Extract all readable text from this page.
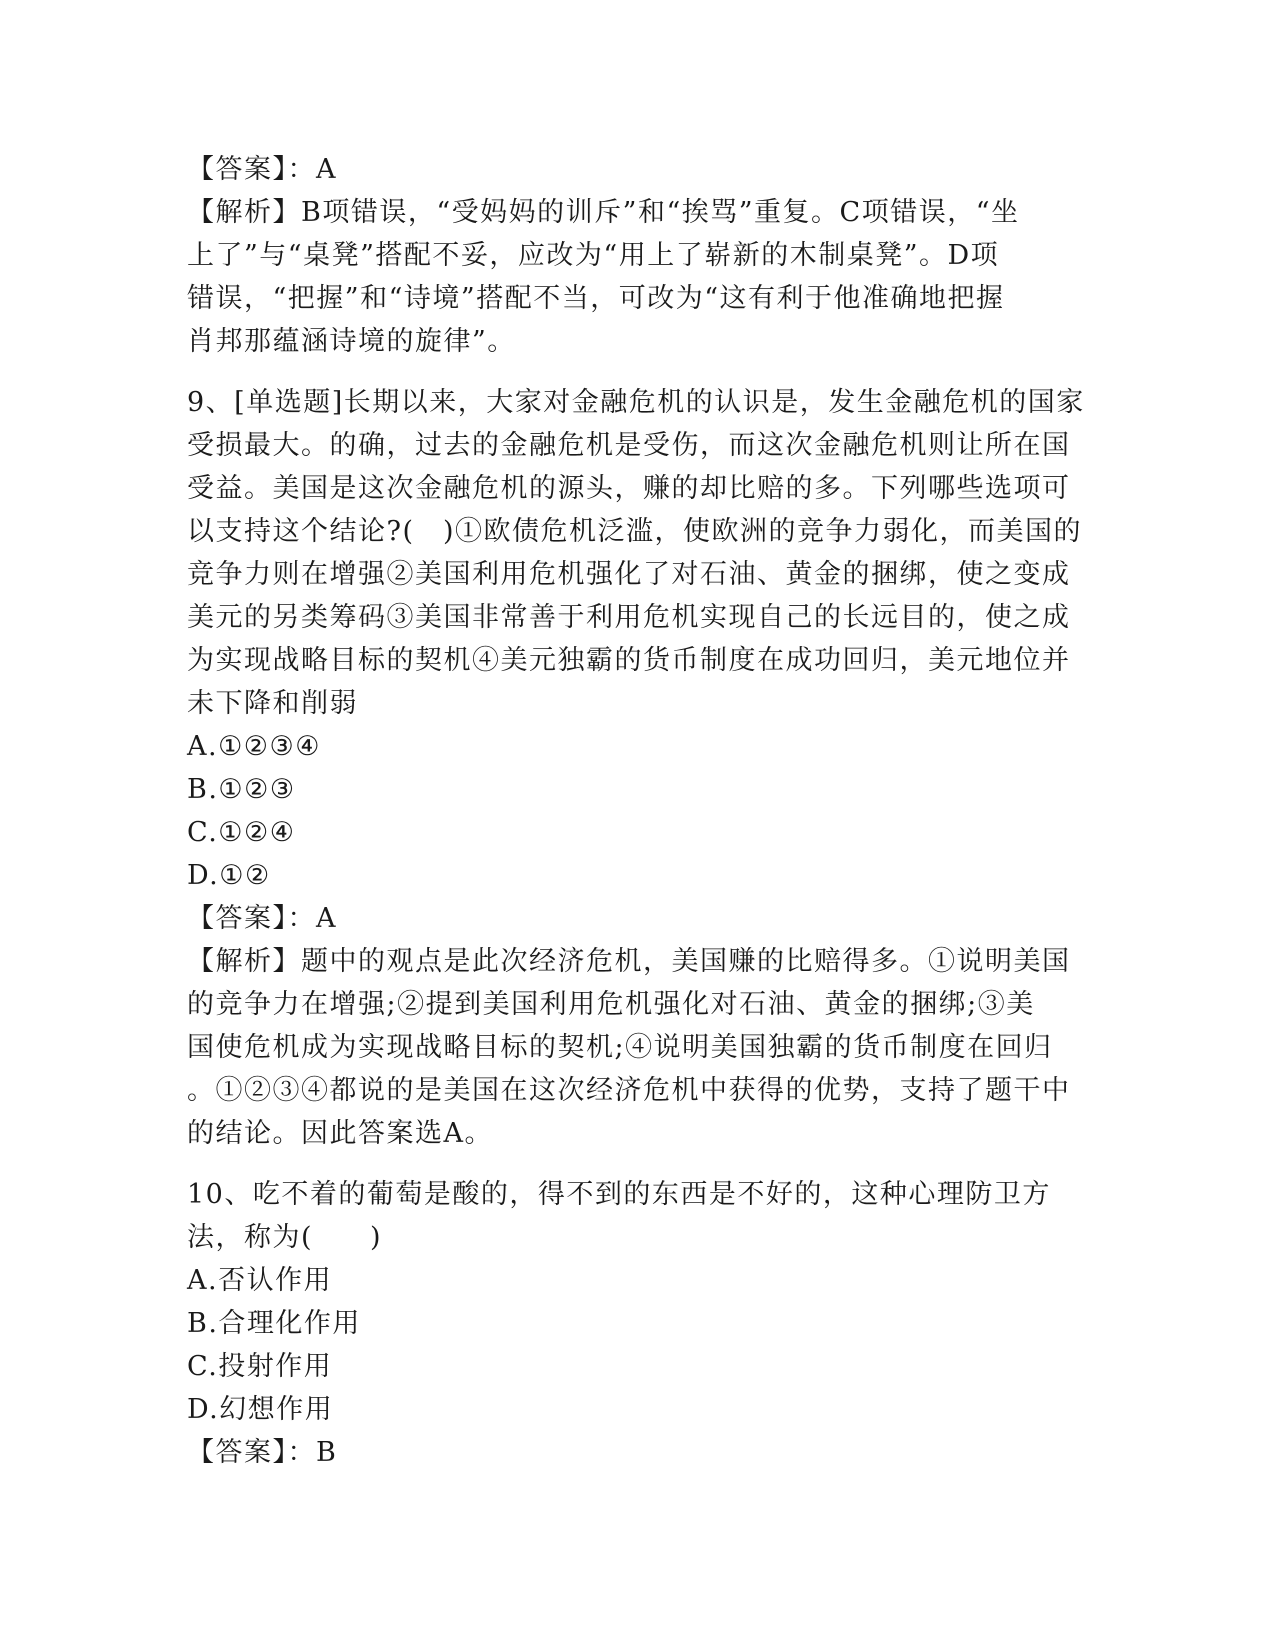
【答案】：A
【解析】B项错误，“受妈妈的训斥”和“挨骂”重复。C项错误，“坐
上了”与“桌凳”搭配不妥，应改为“用上了崭新的木制桌凳”。D项
错误，“把握”和“诗境”搭配不当，可改为“这有利于他准确地把握
肖邦那蕴涵诗境的旋律”。
9、[单选题]长期以来，大家对金融危机的认识是，发生金融危机的国家
受损最大。的确，过去的金融危机是受伤，而这次金融危机则让所在国
受益。美国是这次金融危机的源头，赚的却比赔的多。下列哪些选项可
以支持这个结论?(　)①欧债危机泛滥，使欧洲的竞争力弱化，而美国的
竞争力则在增强②美国利用危机强化了对石油、黄金的捆绑，使之变成
美元的另类筹码③美国非常善于利用危机实现自己的长远目的，使之成
为实现战略目标的契机④美元独霸的货币制度在成功回归，美元地位并
未下降和削弱
A.①②③④
B.①②③
C.①②④
D.①②
【答案】：A
【解析】题中的观点是此次经济危机，美国赚的比赔得多。①说明美国
的竞争力在增强;②提到美国利用危机强化对石油、黄金的捆绑;③美
国使危机成为实现战略目标的契机;④说明美国独霸的货币制度在回归
。①②③④都说的是美国在这次经济危机中获得的优势，支持了题干中
的结论。因此答案选A。
10、吃不着的葡萄是酸的，得不到的东西是不好的，这种心理防卫方
法，称为(　　)
A.否认作用
B.合理化作用
C.投射作用
D.幻想作用
【答案】：B
